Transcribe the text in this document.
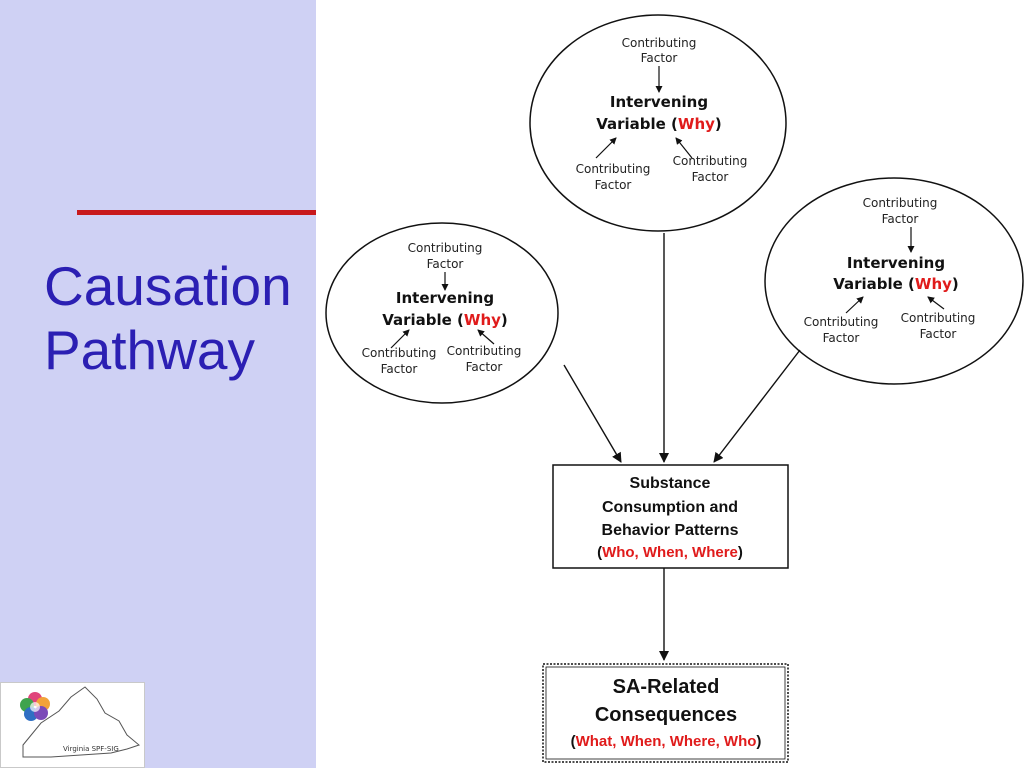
Causation
Pathway
Virginia SPF-SIG
Contributing
Factor
Intervening
Variable (Why)
Contributing
Factor
Contributing
Factor
Contributing
Factor
Intervening
Variable (Why)
Contributing
Factor
Contributing
Factor
Contributing
Factor
Intervening
Variable (Why)
Contributing
Factor
Contributing
Factor
Substance
Consumption and
Behavior Patterns
(Who, When, Where)
SA-Related
Consequences
(What, When, Where, Who)
